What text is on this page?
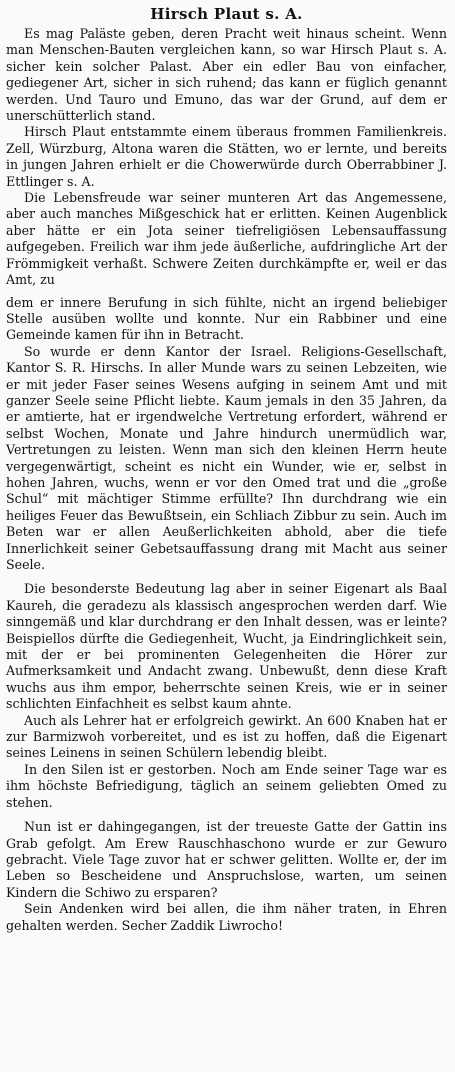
Hirsch Plaut s. A.

Es mag Paläste geben, deren Pracht weit hinaus scheint. Wenn man Menschen-Bauten vergleichen kann, so war Hirsch Plaut s. A. sicher kein solcher Palast. Aber ein edler Bau von einfacher, gediegener Art, sicher in sich ruhend; das kann er füglich genannt werden. Und Tauro und Emuno, das war der Grund, auf dem er unerschütterlich stand.

Hirsch Plaut entstammte einem überaus frommen Familienkreis. Zell, Würzburg, Altona waren die Stätten, wo er lernte, und bereits in jungen Jahren erhielt er die Chowerwürde durch Oberrabbiner J. Ettlinger s. A.

Die Lebensfreude war seiner munteren Art das Angemessene, aber auch manches Mißgeschick hat er erlitten. Keinen Augenblick aber hätte er ein Jota seiner tiefreligiösen Lebensauffassung aufgegeben. Freilich war ihm jede äußerliche, aufdringliche Art der Frömmigkeit verhaßt. Schwere Zeiten durchkämpfte er, weil er das Amt, zu

dem er innere Berufung in sich fühlte, nicht an irgend beliebiger Stelle ausüben wollte und konnte. Nur ein Rabbiner und eine Gemeinde kamen für ihn in Betracht.

So wurde er denn Kantor der Israel. Religions-Gesellschaft, Kantor S. R. Hirschs. In aller Munde wars zu seinen Lebzeiten, wie er mit jeder Faser seines Wesens aufging in seinem Amt und mit ganzer Seele seine Pflicht liebte. Kaum jemals in den 35 Jahren, da er amtierte, hat er irgendwelche Vertretung erfordert, während er selbst Wochen, Monate und Jahre hindurch unermüdlich war, Vertretungen zu leisten. Wenn man sich den kleinen Herrn heute vergegenwärtigt, scheint es nicht ein Wunder, wie er, selbst in hohen Jahren, wuchs, wenn er vor den Omed trat und die „große Schul“ mit mächtiger Stimme erfüllte? Ihn durchdrang wie ein heiliges Feuer das Bewußtsein, ein Schliach Zibbur zu sein. Auch im Beten war er allen Aeußerlichkeiten abhold, aber die tiefe Innerlichkeit seiner Gebetsauffassung drang mit Macht aus seiner Seele.

Die besonderste Bedeutung lag aber in seiner Eigenart als Baal Kaureh, die geradezu als klassisch angesprochen werden darf. Wie sinngemäß und klar durchdrang er den Inhalt dessen, was er leinte? Beispiellos dürfte die Gediegenheit, Wucht, ja Eindringlichkeit sein, mit der er bei prominenten Gelegenheiten die Hörer zur Aufmerksamkeit und Andacht zwang. Unbewußt, denn diese Kraft wuchs aus ihm empor, beherrschte seinen Kreis, wie er in seiner schlichten Einfachheit es selbst kaum ahnte.

Auch als Lehrer hat er erfolgreich gewirkt. An 600 Knaben hat er zur Barmizwoh vorbereitet, und es ist zu hoffen, daß die Eigenart seines Leinens in seinen Schülern lebendig bleibt.

In den Silen ist er gestorben. Noch am Ende seiner Tage war es ihm höchste Befriedigung, täglich an seinem geliebten Omed zu stehen.

Nun ist er dahingegangen, ist der treueste Gatte der Gattin ins Grab gefolgt. Am Erew Rauschhaschono wurde er zur Gewuro gebracht. Viele Tage zuvor hat er schwer gelitten. Wollte er, der im Leben so Bescheidene und Anspruchslose, warten, um seinen Kindern die Schiwo zu ersparen?

Sein Andenken wird bei allen, die ihm näher traten, in Ehren gehalten werden. Secher Zaddik Liwrocho!
